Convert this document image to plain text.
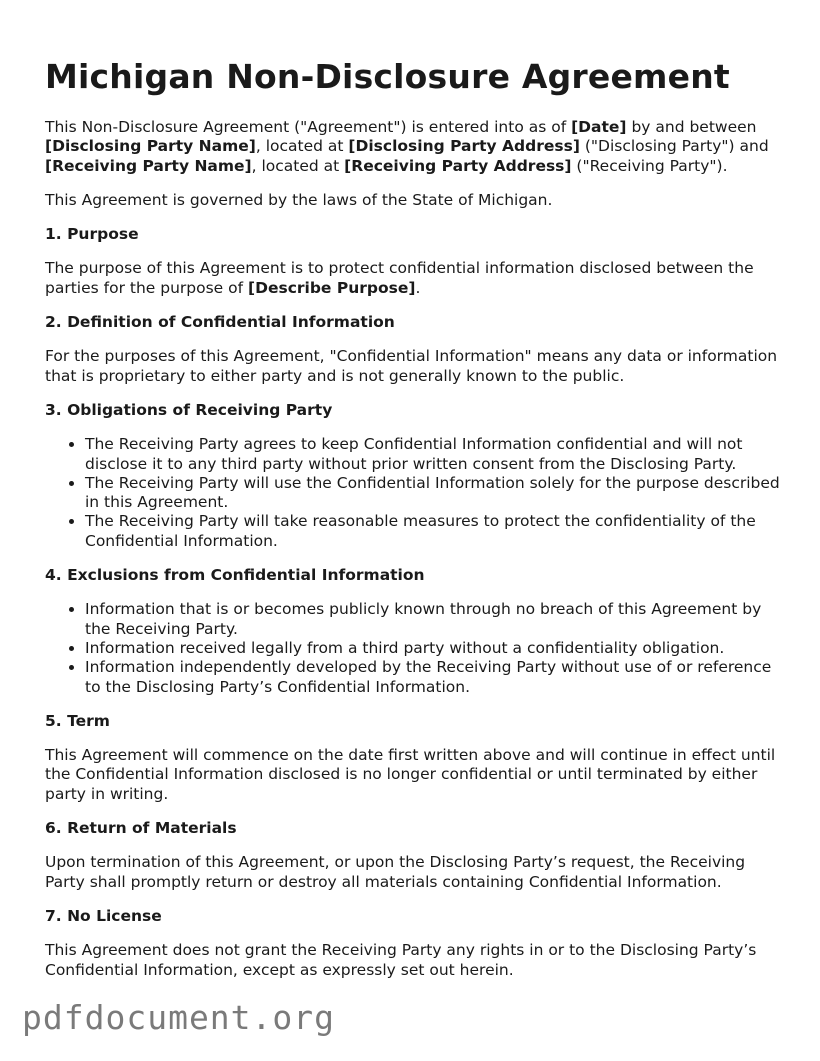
Michigan Non-Disclosure Agreement

This Non-Disclosure Agreement ("Agreement") is entered into as of [Date] by and between [Disclosing Party Name], located at [Disclosing Party Address] ("Disclosing Party") and [Receiving Party Name], located at [Receiving Party Address] ("Receiving Party").

This Agreement is governed by the laws of the State of Michigan.

1. Purpose

The purpose of this Agreement is to protect confidential information disclosed between the parties for the purpose of [Describe Purpose].

2. Definition of Confidential Information

For the purposes of this Agreement, "Confidential Information" means any data or information that is proprietary to either party and is not generally known to the public.

3. Obligations of Receiving Party
• The Receiving Party agrees to keep Confidential Information confidential and will not disclose it to any third party without prior written consent from the Disclosing Party.
• The Receiving Party will use the Confidential Information solely for the purpose described in this Agreement.
• The Receiving Party will take reasonable measures to protect the confidentiality of the Confidential Information.
4. Exclusions from Confidential Information
• Information that is or becomes publicly known through no breach of this Agreement by the Receiving Party.
• Information received legally from a third party without a confidentiality obligation.
• Information independently developed by the Receiving Party without use of or reference to the Disclosing Party’s Confidential Information.
5. Term

This Agreement will commence on the date first written above and will continue in effect until the Confidential Information disclosed is no longer confidential or until terminated by either party in writing.

6. Return of Materials

Upon termination of this Agreement, or upon the Disclosing Party’s request, the Receiving Party shall promptly return or destroy all materials containing Confidential Information.

7. No License

This Agreement does not grant the Receiving Party any rights in or to the Disclosing Party’s Confidential Information, except as expressly set out herein.

pdfdocument.org
